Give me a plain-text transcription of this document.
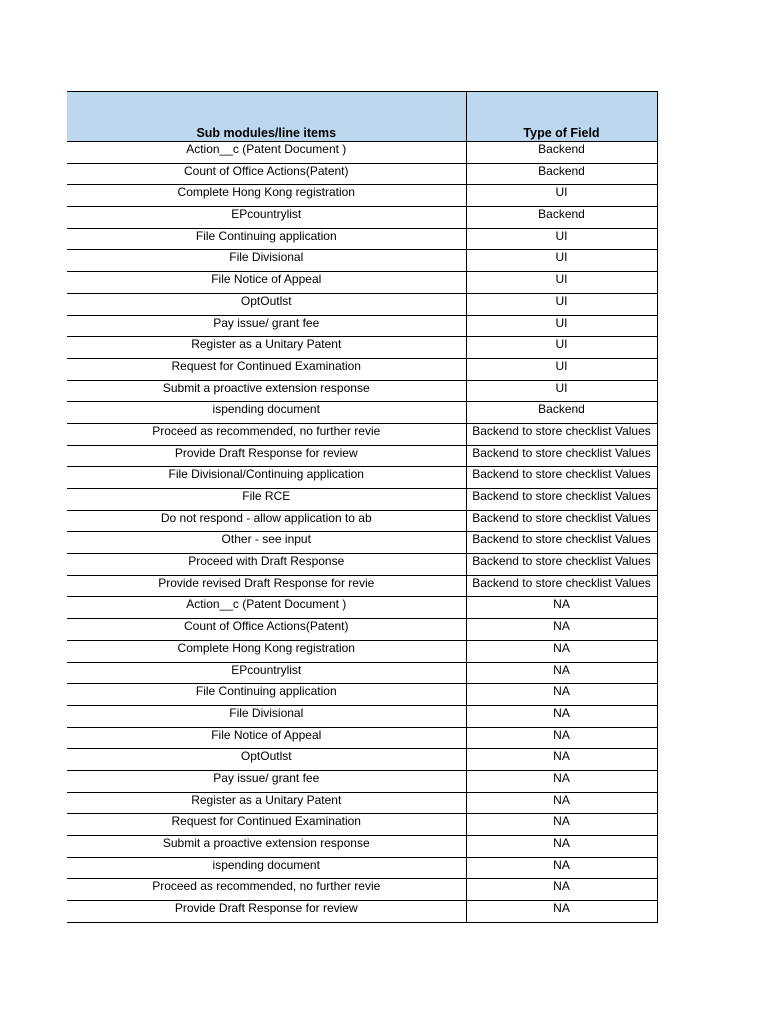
Sub modules/line items	Type of Field
Action__c (Patent Document )	Backend
Count of Office Actions(Patent)	Backend
Complete Hong Kong registration	UI
EPcountrylist	Backend
File Continuing application	UI
File Divisional	UI
File Notice of Appeal	UI
OptOutlst	UI
Pay issue/ grant fee	UI
Register as a Unitary Patent	UI
Request for Continued Examination	UI
Submit a proactive extension response	UI
ispending document	Backend
Proceed as recommended, no further revie	Backend to store checklist Values
Provide Draft Response for review	Backend to store checklist Values
File Divisional/Continuing application	Backend to store checklist Values
File RCE	Backend to store checklist Values
Do not respond - allow application to ab	Backend to store checklist Values
Other - see input	Backend to store checklist Values
Proceed with Draft Response	Backend to store checklist Values
Provide revised Draft Response for revie	Backend to store checklist Values
Action__c (Patent Document )	NA
Count of Office Actions(Patent)	NA
Complete Hong Kong registration	NA
EPcountrylist	NA
File Continuing application	NA
File Divisional	NA
File Notice of Appeal	NA
OptOutlst	NA
Pay issue/ grant fee	NA
Register as a Unitary Patent	NA
Request for Continued Examination	NA
Submit a proactive extension response	NA
ispending document	NA
Proceed as recommended, no further revie	NA
Provide Draft Response for review	NA
